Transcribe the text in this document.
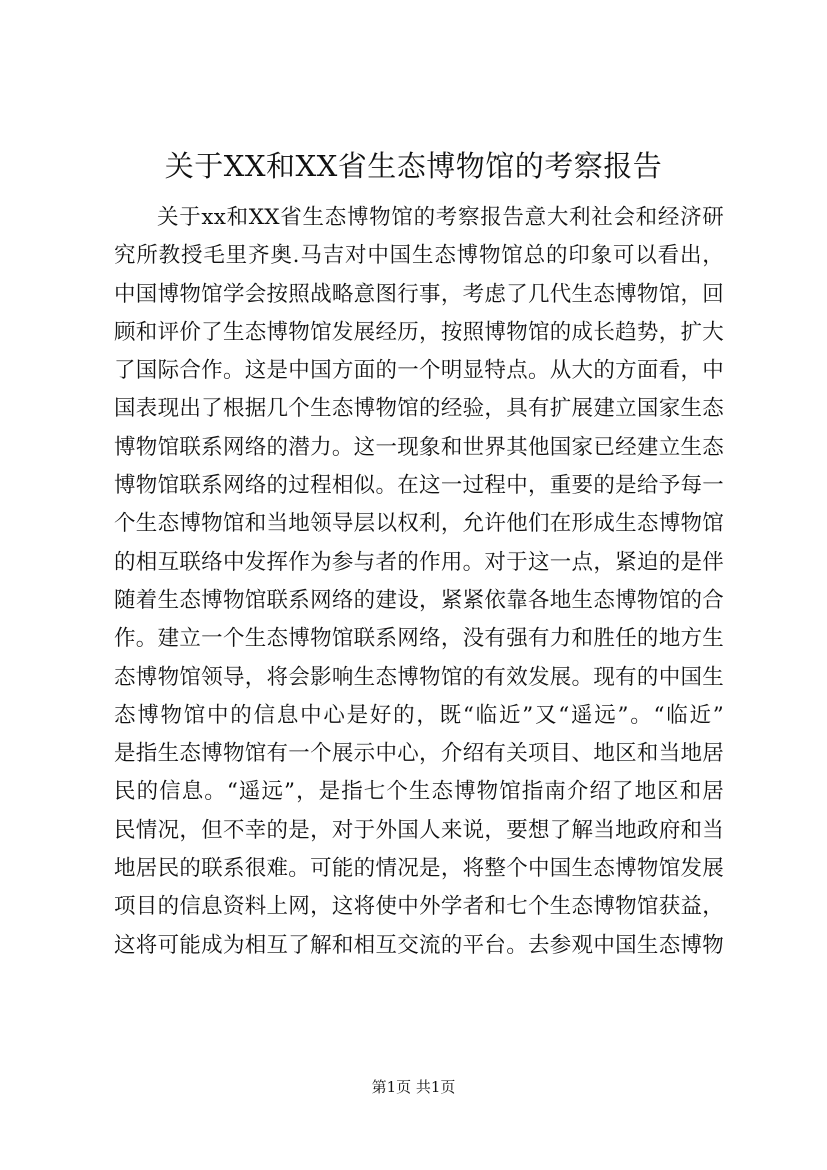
关于XX和XX省生态博物馆的考察报告
关于xx和XX省生态博物馆的考察报告意大利社会和经济研
究所教授毛里齐奥.马吉对中国生态博物馆总的印象可以看出，
中国博物馆学会按照战略意图行事，考虑了几代生态博物馆，回
顾和评价了生态博物馆发展经历，按照博物馆的成长趋势，扩大
了国际合作。这是中国方面的一个明显特点。从大的方面看，中
国表现出了根据几个生态博物馆的经验，具有扩展建立国家生态
博物馆联系网络的潜力。这一现象和世界其他国家已经建立生态
博物馆联系网络的过程相似。在这一过程中，重要的是给予每一
个生态博物馆和当地领导层以权利，允许他们在形成生态博物馆
的相互联络中发挥作为参与者的作用。对于这一点，紧迫的是伴
随着生态博物馆联系网络的建设，紧紧依靠各地生态博物馆的合
作。建立一个生态博物馆联系网络，没有强有力和胜任的地方生
态博物馆领导，将会影响生态博物馆的有效发展。现有的中国生
态博物馆中的信息中心是好的，既“临近”又“遥远”。“临近”
是指生态博物馆有一个展示中心，介绍有关项目、地区和当地居
民的信息。“遥远”，是指七个生态博物馆指南介绍了地区和居
民情况，但不幸的是，对于外国人来说，要想了解当地政府和当
地居民的联系很难。可能的情况是，将整个中国生态博物馆发展
项目的信息资料上网，这将使中外学者和七个生态博物馆获益，
这将可能成为相互了解和相互交流的平台。去参观中国生态博物
第1页 共1页
